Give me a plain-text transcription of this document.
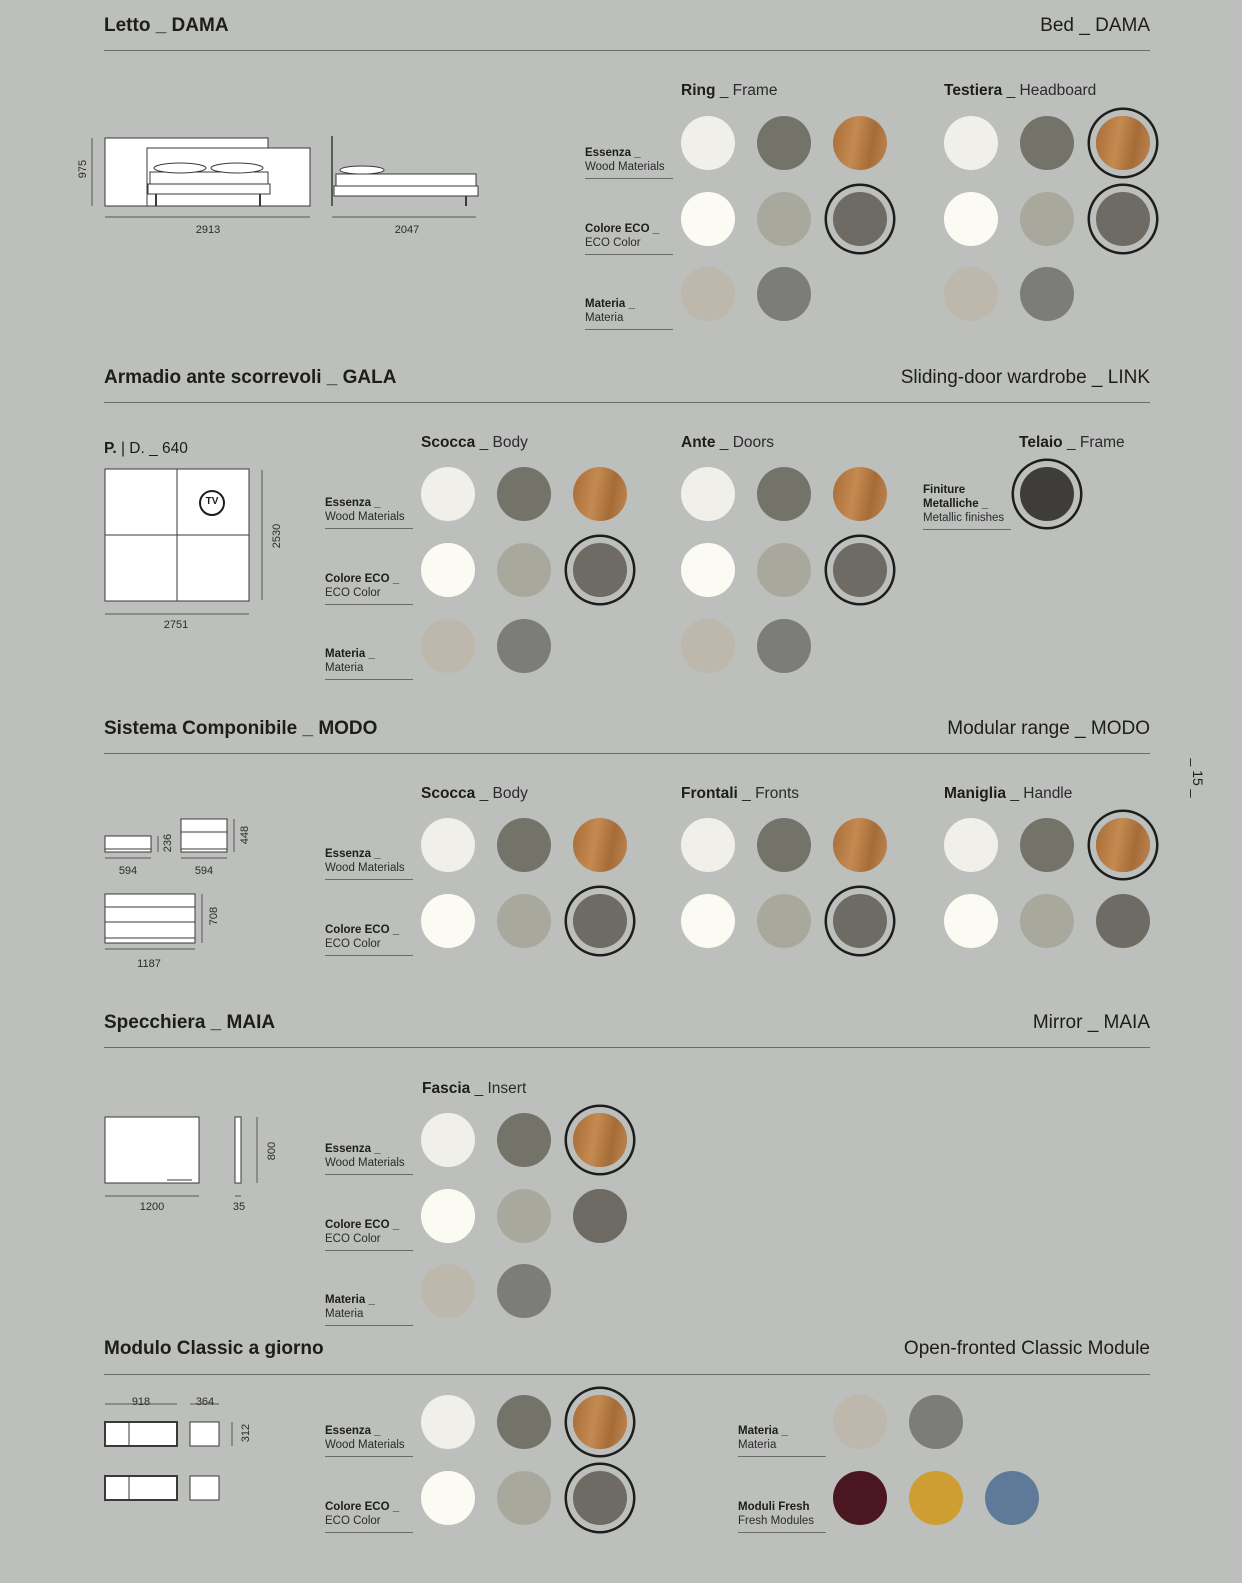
_ 15 _
Letto _ DAMA	Bed _ DAMA
975
2913	2047
Ring _ Frame	Testiera _ Headboard
Essenza _
Wood Materials
Colore ECO _
ECO Color
Materia _
Materia
Armadio ante scorrevoli _ GALA	Sliding-door wardrobe _ LINK
P. | D. _ 640
TV
2530
2751
Scocca _ Body	Ante _ Doors	Telaio _ Frame
Essenza _
Wood Materials
Colore ECO _
ECO Color
Materia _
Materia
Finiture
Metalliche _
Metallic finishes
Sistema Componibile _ MODO	Modular range _ MODO
594
236
594
448
1187
708
Scocca _ Body	Frontali _ Fronts	Maniglia _ Handle
Essenza _
Wood Materials
Colore ECO _
ECO Color
Specchiera _ MAIA	Mirror _ MAIA
1200	35
800
Fascia _ Insert
Essenza _
Wood Materials
Colore ECO _
ECO Color
Materia _
Materia
Modulo Classic a giorno	Open-fronted Classic Module
918	364
312	Essenza _
Wood Materials
Colore ECO _
ECO Color
Materia _
Materia
Moduli Fresh
Fresh Modules
